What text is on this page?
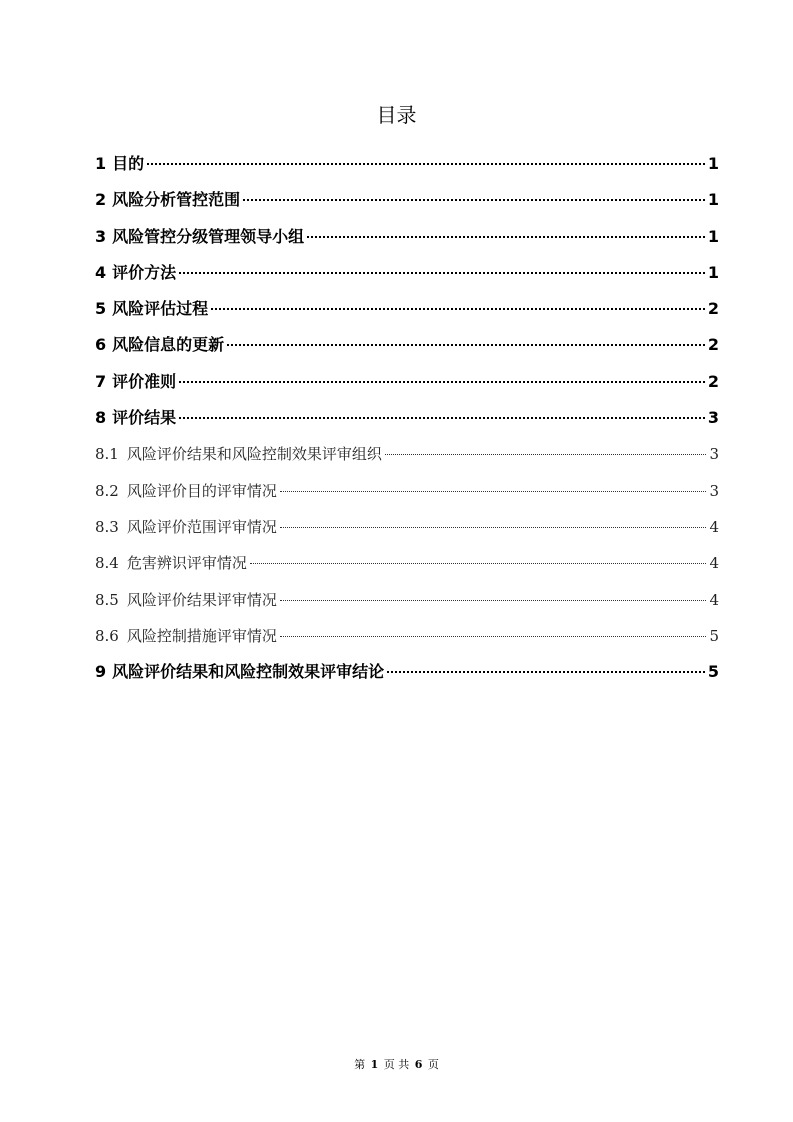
目录
1 目的	1
2 风险分析管控范围	1
3 风险管控分级管理领导小组	1
4 评价方法	1
5 风险评估过程	2
6 风险信息的更新	2
7 评价准则	2
8 评价结果	3
8.1 风险评价结果和风险控制效果评审组织	3
8.2 风险评价目的评审情况	3
8.3 风险评价范围评审情况	4
8.4 危害辨识评审情况	4
8.5 风险评价结果评审情况	4
8.6 风险控制措施评审情况	5
9 风险评价结果和风险控制效果评审结论	5
第 1 页 共 6 页
